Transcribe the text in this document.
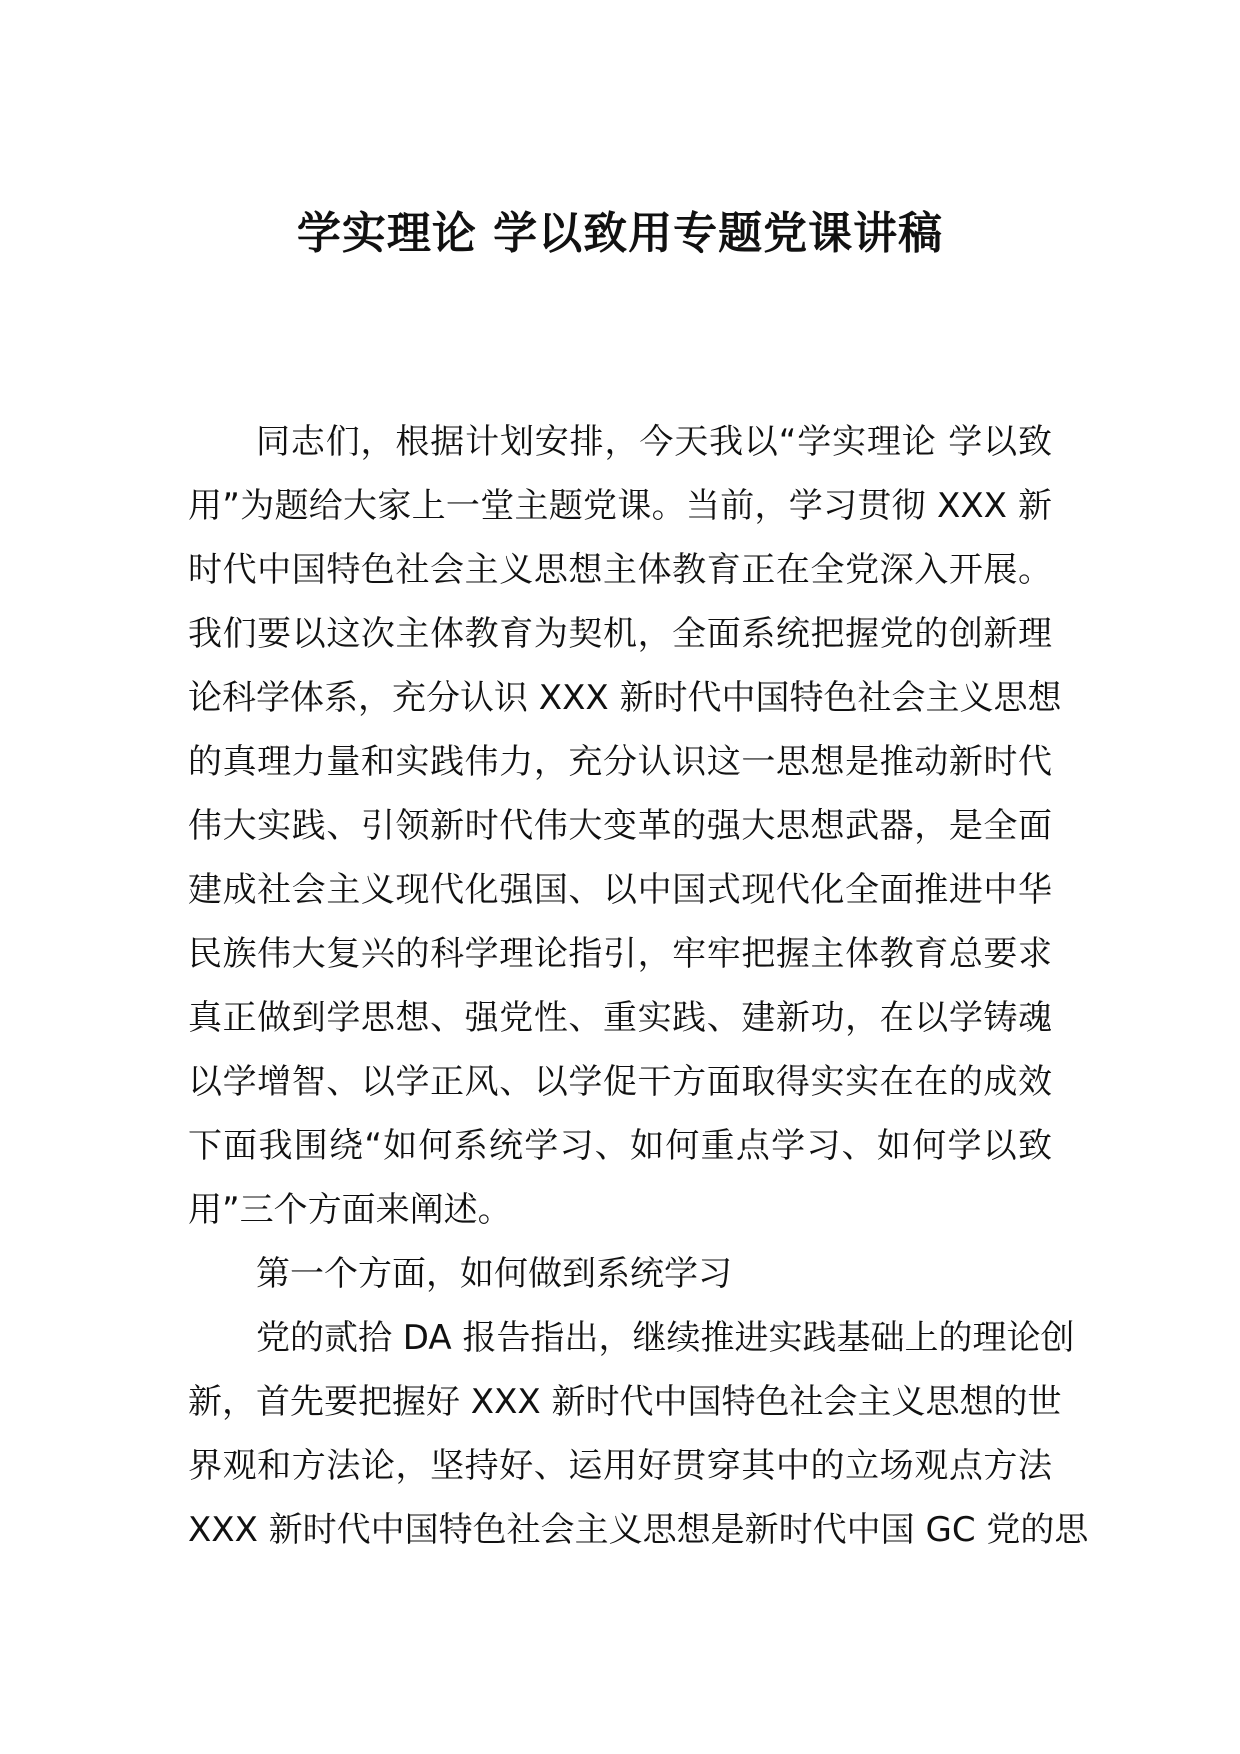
学实理论 学以致用专题党课讲稿
同志们，根据计划安排，今天我以“学实理论 学以致
用”为题给大家上一堂主题党课。当前，学习贯彻 XXX 新
时代中国特色社会主义思想主体教育正在全党深入开展。
我们要以这次主体教育为契机，全面系统把握党的创新理
论科学体系，充分认识 XXX 新时代中国特色社会主义思想
的真理力量和实践伟力，充分认识这一思想是推动新时代
伟大实践、引领新时代伟大变革的强大思想武器，是全面
建成社会主义现代化强国、以中国式现代化全面推进中华
民族伟大复兴的科学理论指引，牢牢把握主体教育总要求
真正做到学思想、强党性、重实践、建新功，在以学铸魂
以学增智、以学正风、以学促干方面取得实实在在的成效
下面我围绕“如何系统学习、如何重点学习、如何学以致
用”三个方面来阐述。
第一个方面，如何做到系统学习
党的贰拾 DA 报告指出，继续推进实践基础上的理论创
新，首先要把握好 XXX 新时代中国特色社会主义思想的世
界观和方法论，坚持好、运用好贯穿其中的立场观点方法
XXX 新时代中国特色社会主义思想是新时代中国 GC 党的思
